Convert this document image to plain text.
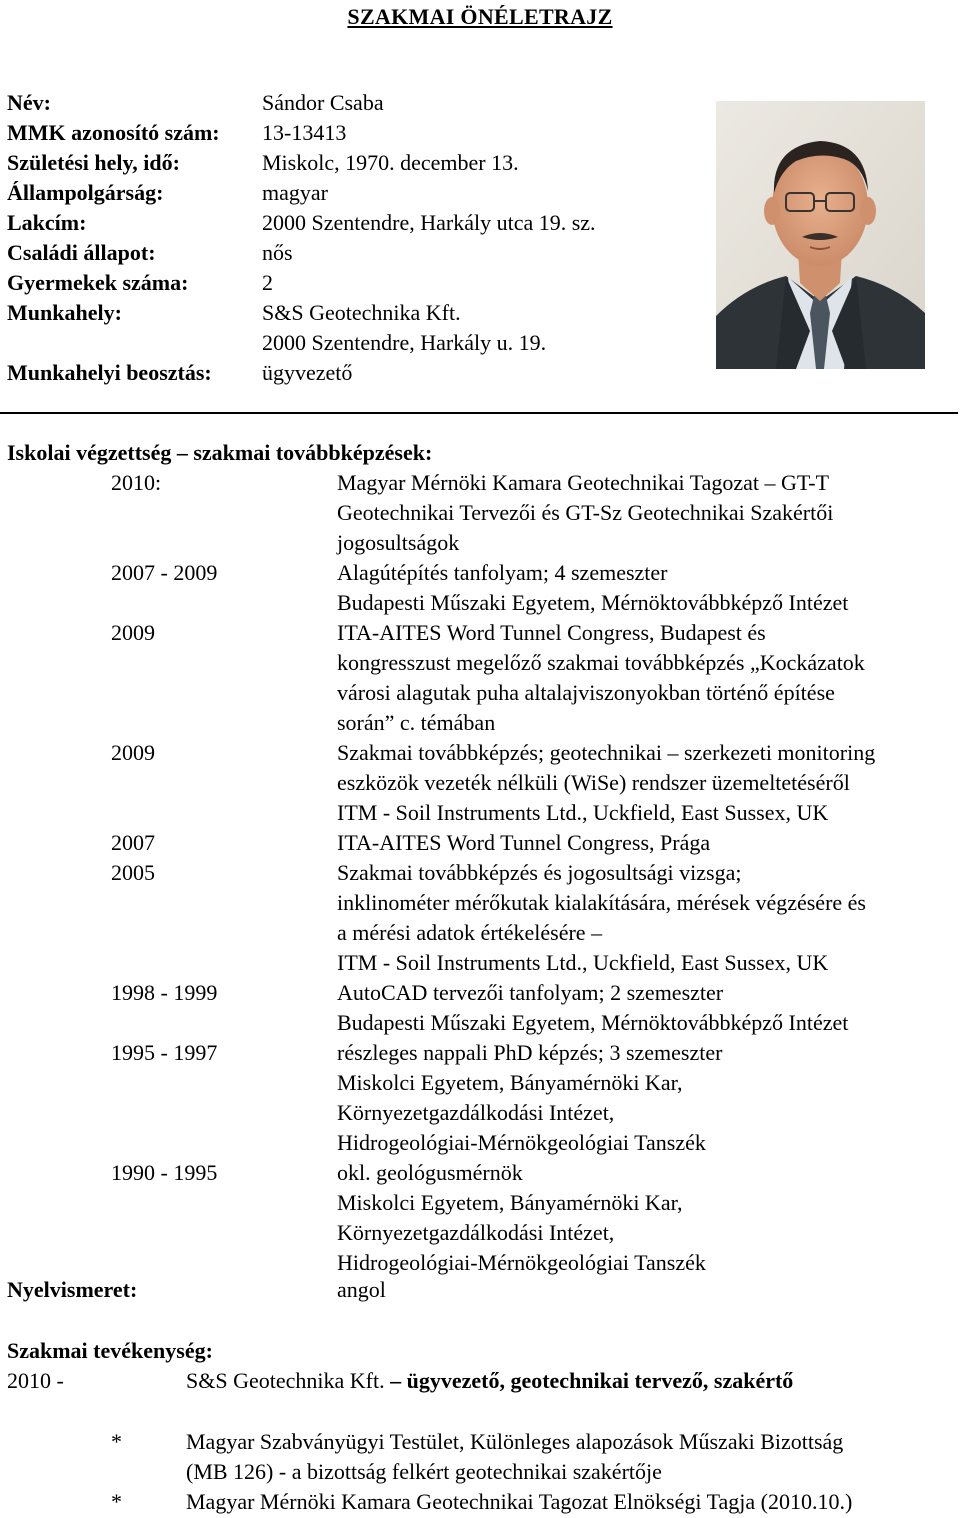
SZAKMAI ÖNÉLETRAJZ
Név:	Sándor Csaba
MMK azonosító szám: 13-13413
Születési hely, idő:	Miskolc, 1970. december 13.
Állampolgárság:	magyar
Lakcím:	2000 Szentendre, Harkály utca 19. sz.
Családi állapot:	nős
Gyermekek száma:	2
Munkahely:	S&S Geotechnika Kft.
2000 Szentendre, Harkály u. 19.
Munkahelyi beosztás: ügyvezető
Iskolai végzettség – szakmai továbbképzések:
2010:	Magyar Mérnöki Kamara Geotechnikai Tagozat – GT-T
Geotechnikai Tervezői és GT-Sz Geotechnikai Szakértői
jogosultságok
2007 - 2009	Alagútépítés tanfolyam; 4 szemeszter
Budapesti Műszaki Egyetem, Mérnöktovábbképző Intézet
2009	ITA-AITES Word Tunnel Congress, Budapest és
kongresszust megelőző szakmai továbbképzés „Kockázatok
városi alagutak puha altalajviszonyokban történő építése
során” c. témában
2009	Szakmai továbbképzés; geotechnikai – szerkezeti monitoring
eszközök vezeték nélküli (WiSe) rendszer üzemeltetéséről
ITM - Soil Instruments Ltd., Uckfield, East Sussex, UK
2007	ITA-AITES Word Tunnel Congress, Prága
2005	Szakmai továbbképzés és jogosultsági vizsga;
inklinométer mérőkutak kialakítására, mérések végzésére és
a mérési adatok értékelésére –
ITM - Soil Instruments Ltd., Uckfield, East Sussex, UK
1998 - 1999	AutoCAD tervezői tanfolyam; 2 szemeszter
Budapesti Műszaki Egyetem, Mérnöktovábbképző Intézet
1995 - 1997	részleges nappali PhD képzés; 3 szemeszter
Miskolci Egyetem, Bányamérnöki Kar,
Környezetgazdálkodási Intézet,
Hidrogeológiai-Mérnökgeológiai Tanszék
1990 - 1995	okl. geológusmérnök
Miskolci Egyetem, Bányamérnöki Kar,
Környezetgazdálkodási Intézet,
Hidrogeológiai-Mérnökgeológiai Tanszék
Nyelvismeret:	angol
Szakmai tevékenység:
2010 -	S&S Geotechnika Kft. – ügyvezető, geotechnikai tervező, szakértő
*	Magyar Szabványügyi Testület, Különleges alapozások Műszaki Bizottság
(MB 126) - a bizottság felkért geotechnikai szakértője
*	Magyar Mérnöki Kamara Geotechnikai Tagozat Elnökségi Tagja (2010.10.)
